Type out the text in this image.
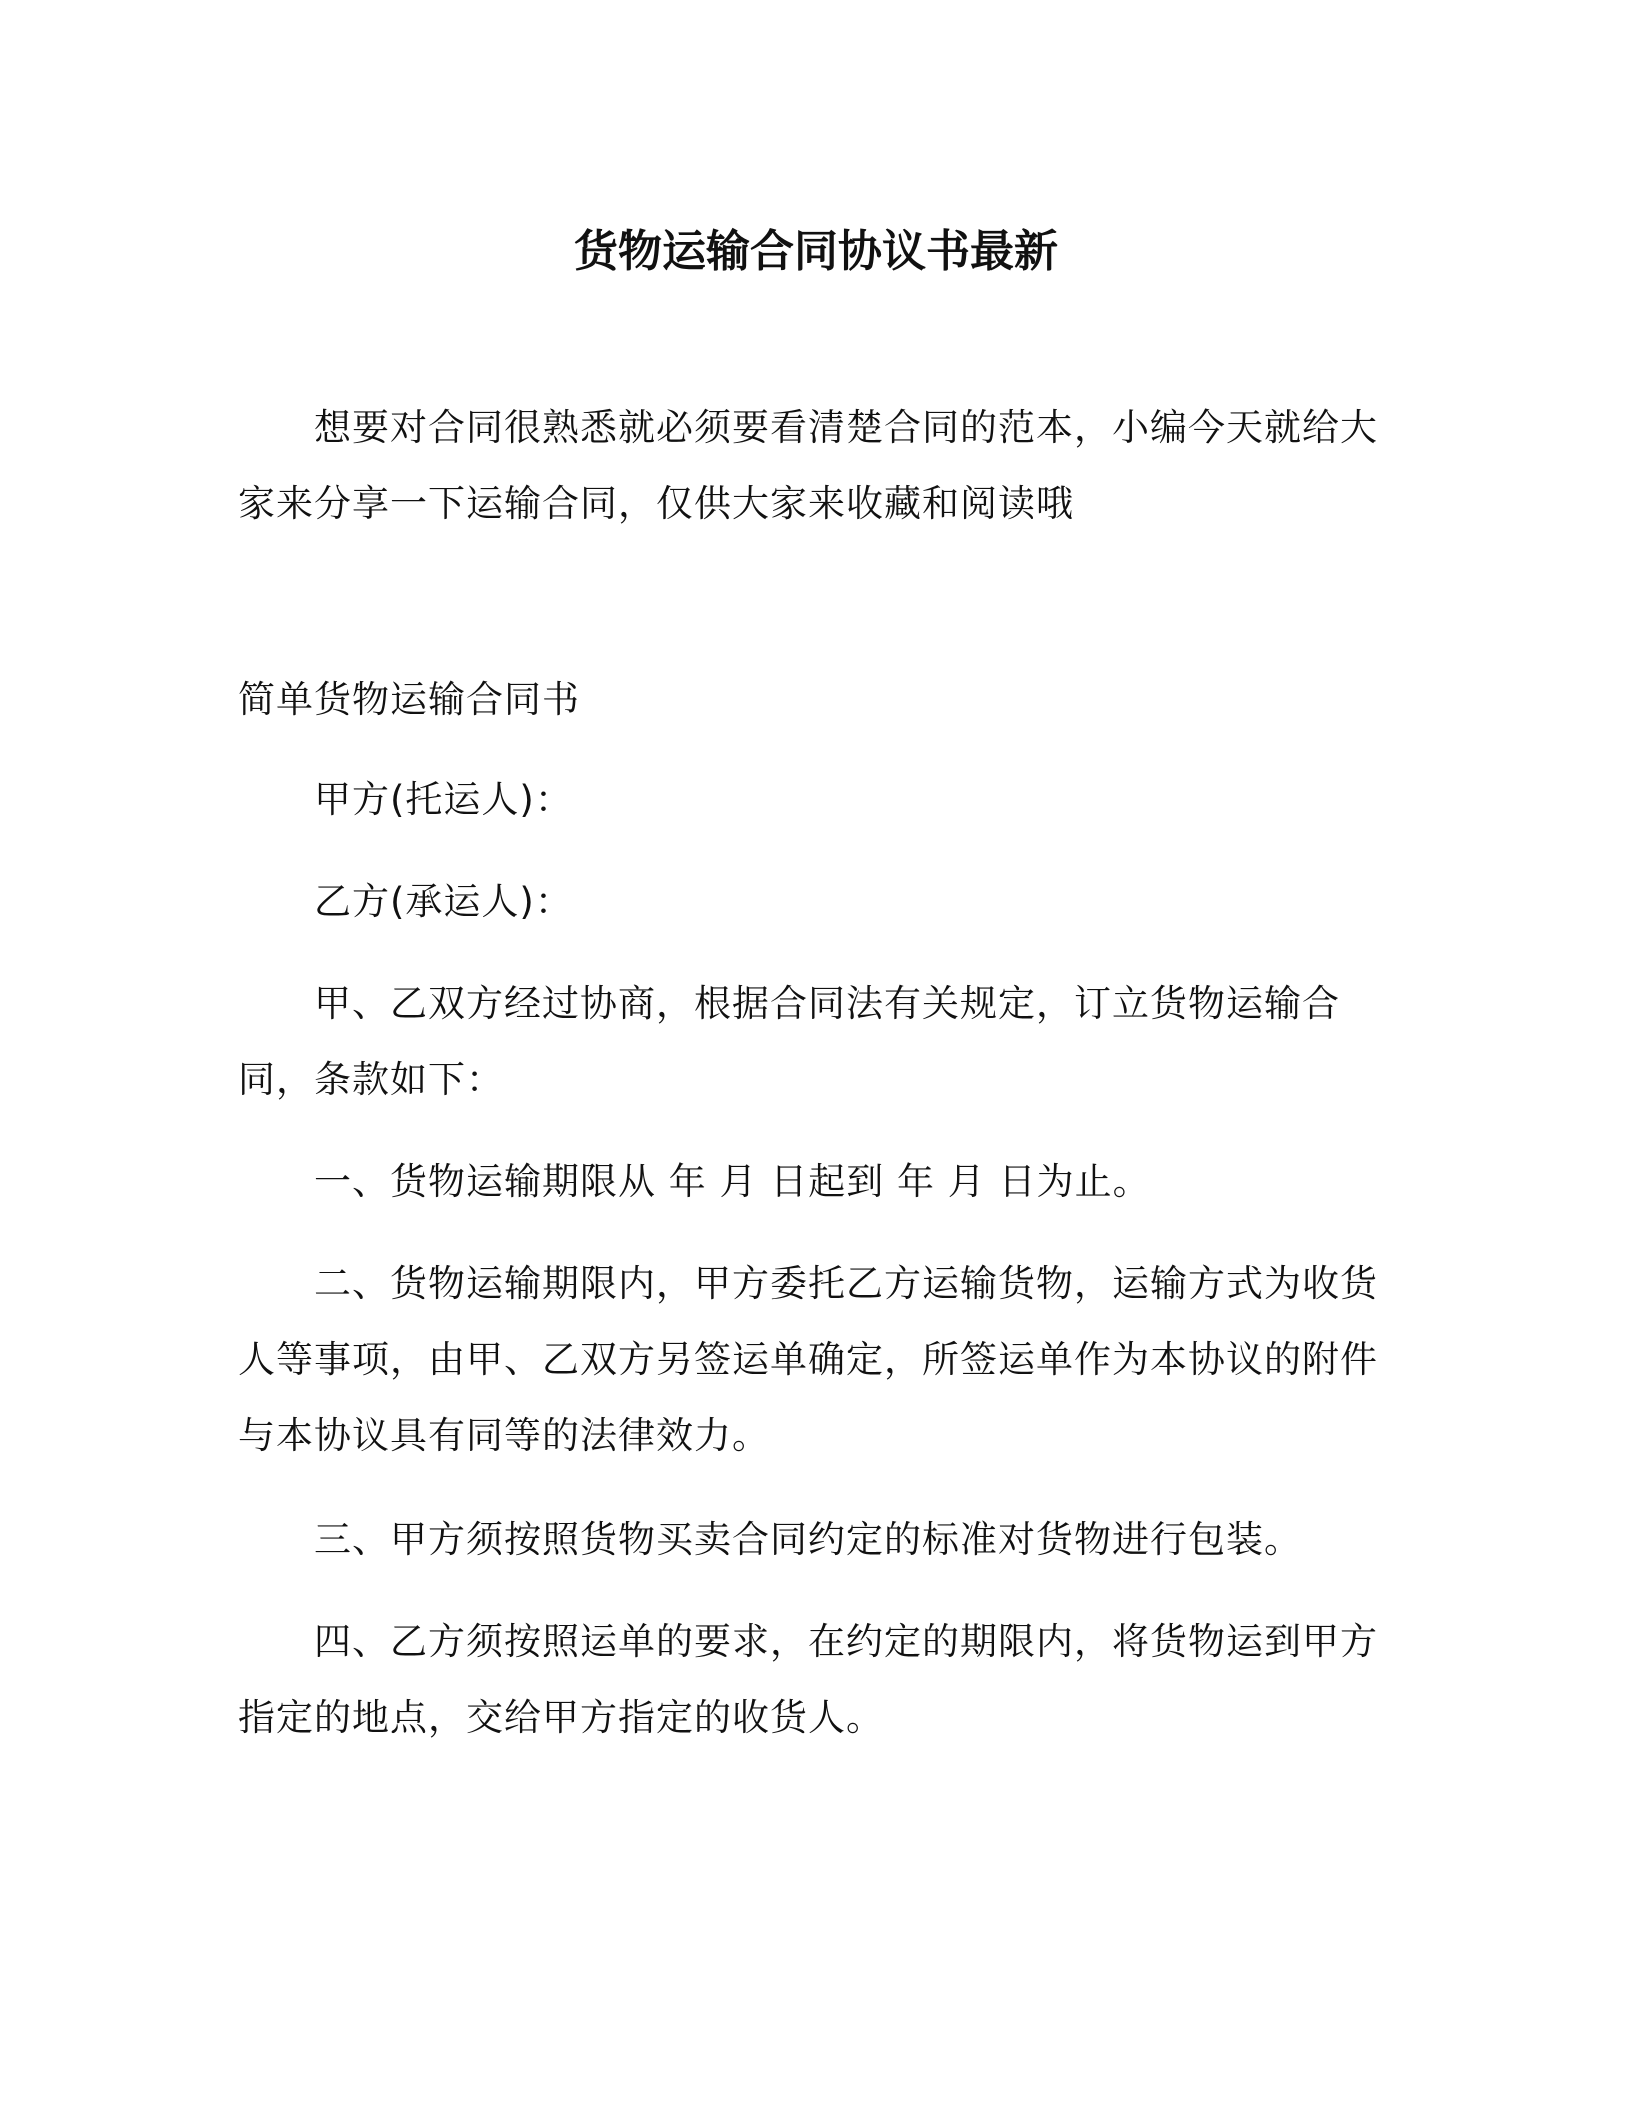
货物运输合同协议书最新

想要对合同很熟悉就必须要看清楚合同的范本，小编今天就给大家来分享一下运输合同，仅供大家来收藏和阅读哦

简单货物运输合同书

甲方(托运人)：

乙方(承运人)：

甲、乙双方经过协商，根据合同法有关规定，订立货物运输合同，条款如下：

一、货物运输期限从 年 月 日起到 年 月 日为止。

二、货物运输期限内，甲方委托乙方运输货物，运输方式为收货人等事项，由甲、乙双方另签运单确定，所签运单作为本协议的附件与本协议具有同等的法律效力。

三、甲方须按照货物买卖合同约定的标准对货物进行包装。

四、乙方须按照运单的要求，在约定的期限内，将货物运到甲方指定的地点，交给甲方指定的收货人。
